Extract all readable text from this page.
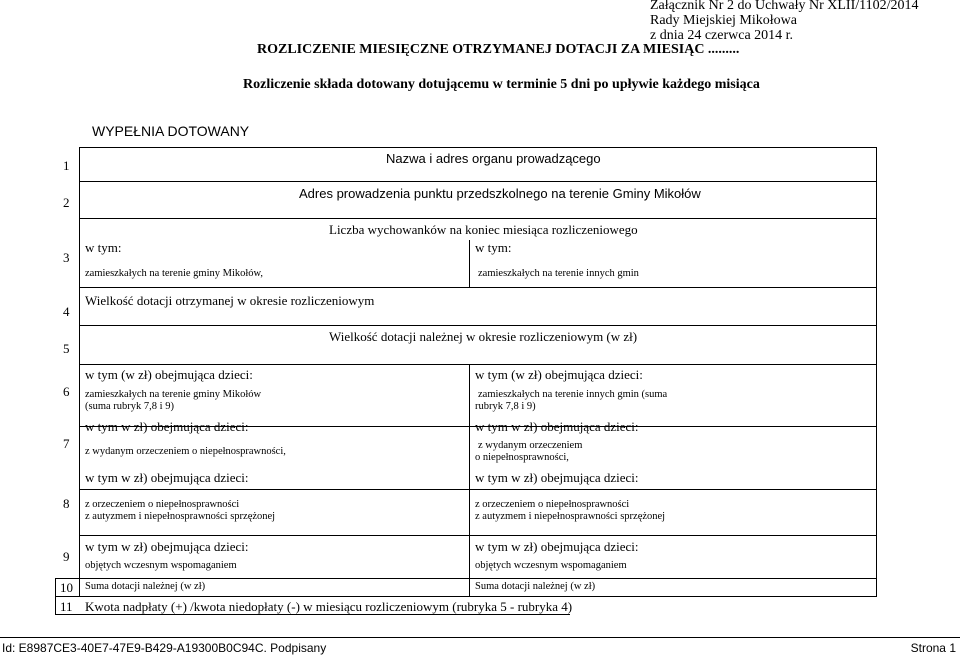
Załącznik Nr 2 do Uchwały Nr XLII/1102/2014
Rady Miejskiej Mikołowa
z dnia 24 czerwca 2014 r.
ROZLICZENIE MIESIĘCZNE OTRZYMANEJ DOTACJI ZA MIESIĄC .........
Rozliczenie składa dotowany dotującemu w terminie 5 dni po upływie każdego misiąca
WYPEŁNIA DOTOWANY
1
2
3
4
5
6
7
8
9
10
11
Nazwa i adres organu prowadzącego
Adres prowadzenia punktu przedszkolnego na terenie Gminy Mikołów
Liczba wychowanków na koniec miesiąca rozliczeniowego
w tym:
zamieszkałych na terenie gminy Mikołów,
w tym:
zamieszkałych na terenie innych gmin
Wielkość dotacji otrzymanej w okresie rozliczeniowym
Wielkość dotacji należnej w okresie rozliczeniowym (w zł)
w tym (w zł) obejmująca dzieci:
zamieszkałych na terenie gminy Mikołów
(suma rubryk 7,8 i 9)
w tym (w zł) obejmująca dzieci:
zamieszkałych na terenie innych gmin (suma
rubryk 7,8 i 9)
w tym w zł) obejmująca dzieci:
z wydanym orzeczeniem o niepełnosprawności,
w tym w zł) obejmująca dzieci:
z wydanym orzeczeniem
o niepełnosprawności,
w tym w zł) obejmująca dzieci:
z orzeczeniem o niepełnosprawności
z autyzmem i niepełnosprawności sprzężonej
w tym w zł) obejmująca dzieci:
z orzeczeniem o niepełnosprawności
z autyzmem i niepełnosprawności sprzężonej
w tym w zł) obejmująca dzieci:
objętych wczesnym wspomaganiem
w tym w zł) obejmująca dzieci:
objętych wczesnym wspomaganiem
Suma dotacji należnej (w zł)	Suma dotacji należnej (w zł)
Kwota nadpłaty (+) /kwota niedopłaty (-) w miesiącu rozliczeniowym (rubryka 5 - rubryka 4)
Id: E8987CE3-40E7-47E9-B429-A19300B0C94C. Podpisany	Strona 1
